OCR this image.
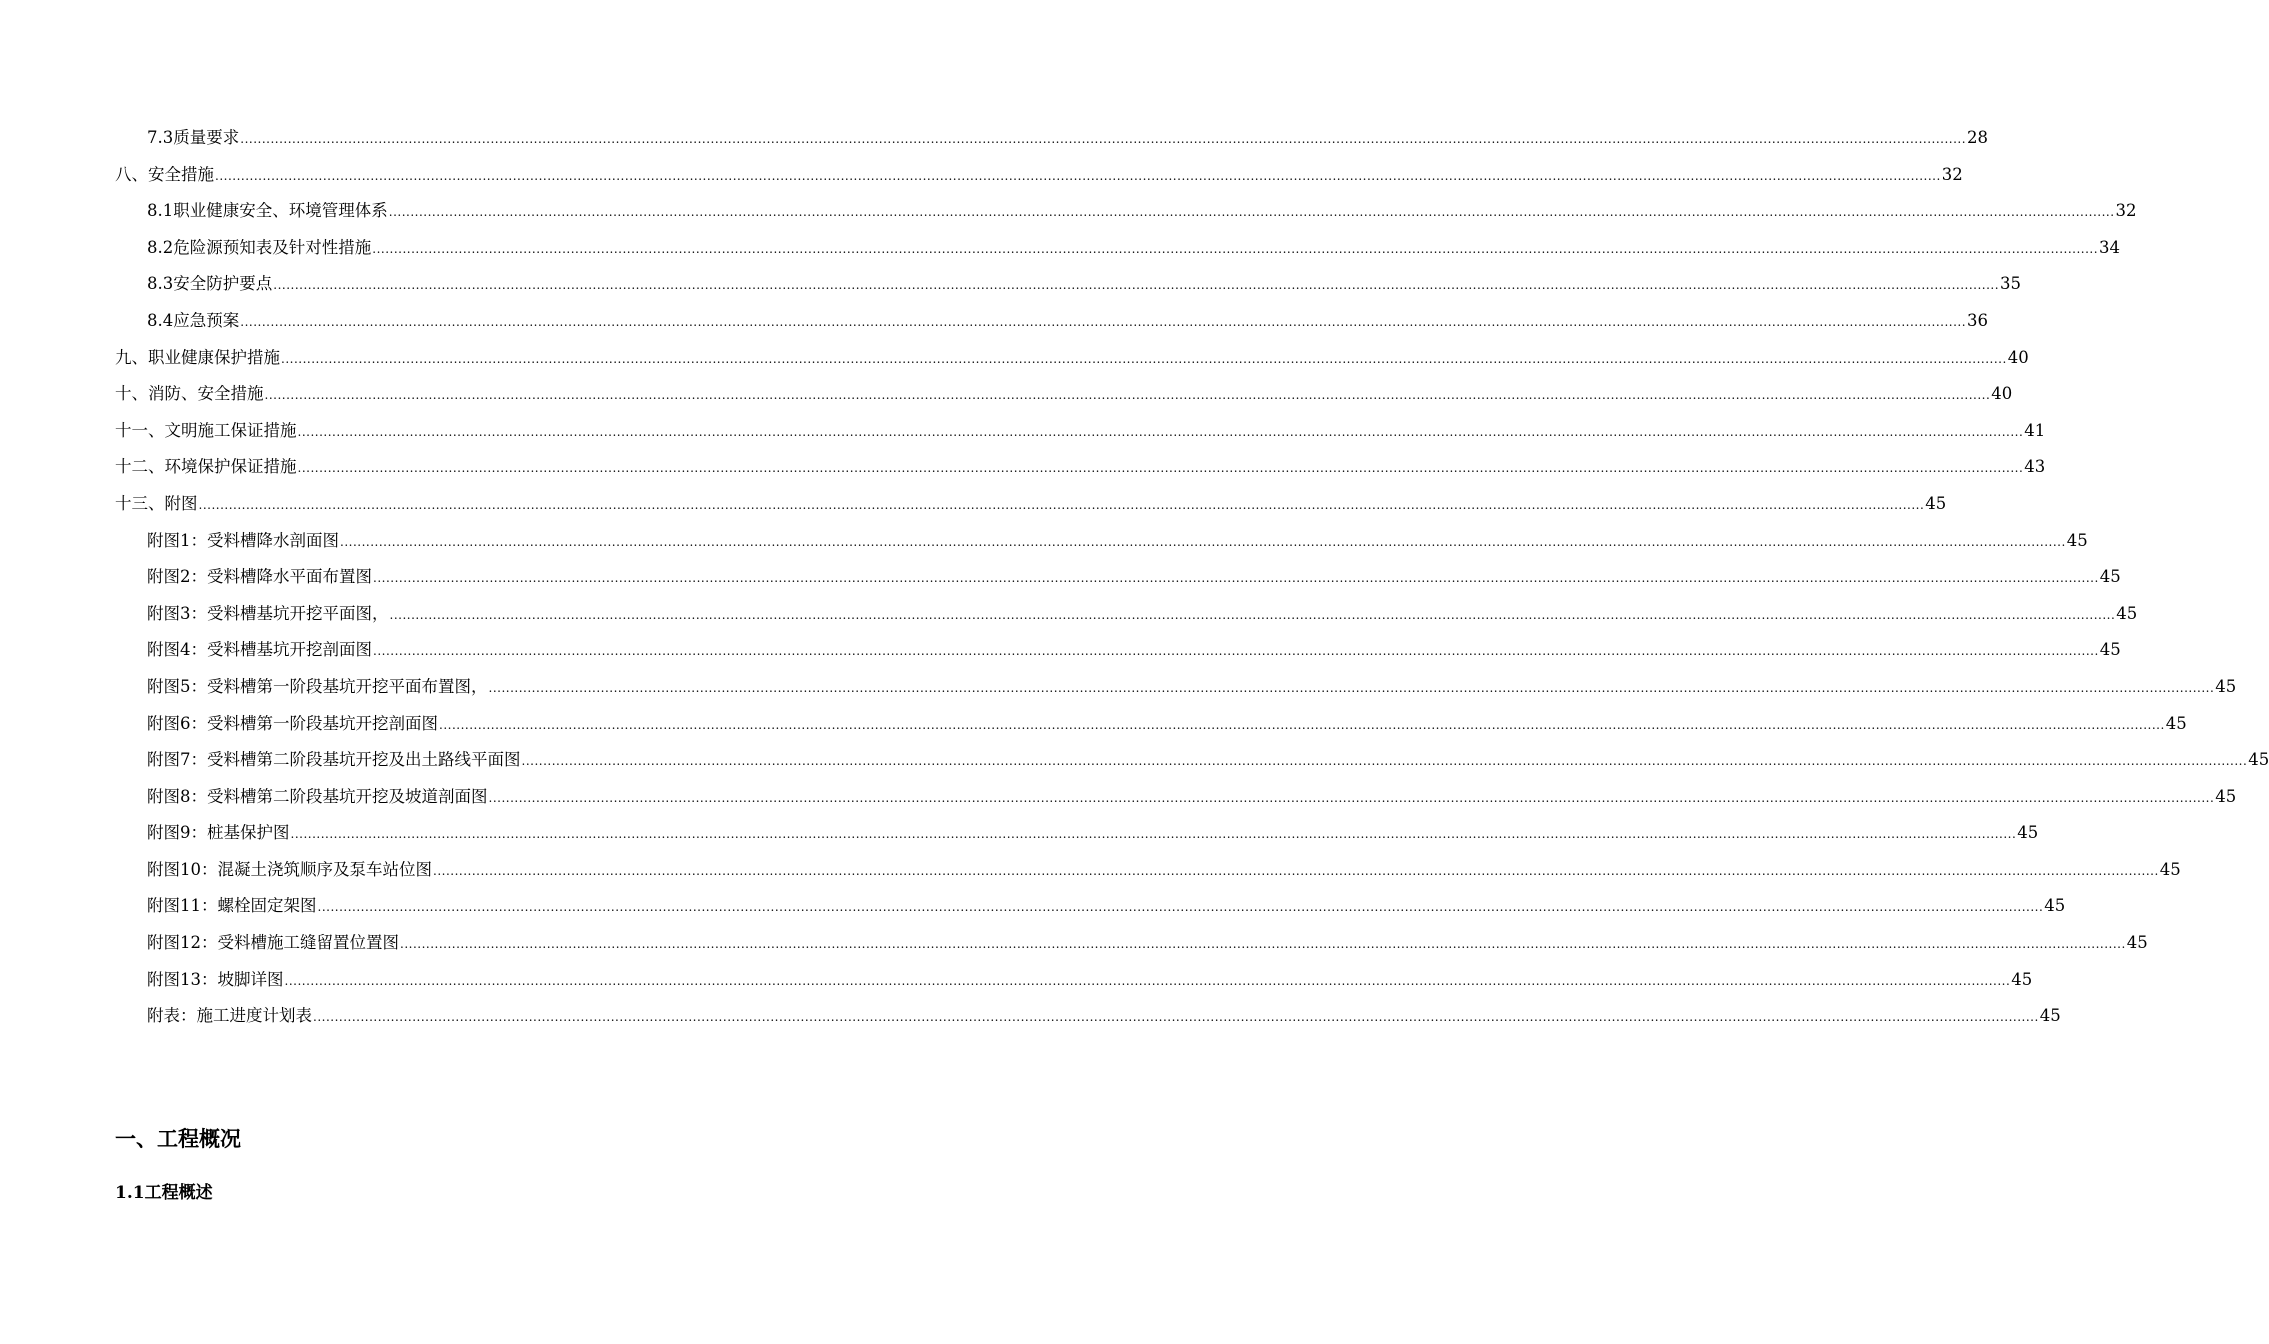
7.3质量要求 ................................................................................................................................................................................................................................................................................................................................................................................................................ 28
八、安全措施 ................................................................................................................................................................................................................................................................................................................................................................................................................ 32
8.1职业健康安全、环境管理体系 ................................................................................................................................................................................................................................................................................................................................................................................................................ 32
8.2危险源预知表及针对性措施 ................................................................................................................................................................................................................................................................................................................................................................................................................ 34
8.3安全防护要点 ................................................................................................................................................................................................................................................................................................................................................................................................................ 35
8.4应急预案 ................................................................................................................................................................................................................................................................................................................................................................................................................ 36
九、职业健康保护措施 ................................................................................................................................................................................................................................................................................................................................................................................................................ 40
十、消防、安全措施 ................................................................................................................................................................................................................................................................................................................................................................................................................ 40
十一、文明施工保证措施 ................................................................................................................................................................................................................................................................................................................................................................................................................ 41
十二、环境保护保证措施 ................................................................................................................................................................................................................................................................................................................................................................................................................ 43
十三、附图 ................................................................................................................................................................................................................................................................................................................................................................................................................ 45
附图1：受料槽降水剖面图 ................................................................................................................................................................................................................................................................................................................................................................................................................ 45
附图2：受料槽降水平面布置图 ................................................................................................................................................................................................................................................................................................................................................................................................................ 45
附图3：受料槽基坑开挖平面图， ................................................................................................................................................................................................................................................................................................................................................................................................................ 45
附图4：受料槽基坑开挖剖面图 ................................................................................................................................................................................................................................................................................................................................................................................................................ 45
附图5：受料槽第一阶段基坑开挖平面布置图， ................................................................................................................................................................................................................................................................................................................................................................................................................ 45
附图6：受料槽第一阶段基坑开挖剖面图 ................................................................................................................................................................................................................................................................................................................................................................................................................ 45
附图7：受料槽第二阶段基坑开挖及出土路线平面图 ................................................................................................................................................................................................................................................................................................................................................................................................................ 45
附图8：受料槽第二阶段基坑开挖及坡道剖面图 ................................................................................................................................................................................................................................................................................................................................................................................................................ 45
附图9：桩基保护图 ................................................................................................................................................................................................................................................................................................................................................................................................................ 45
附图10：混凝土浇筑顺序及泵车站位图 ................................................................................................................................................................................................................................................................................................................................................................................................................ 45
附图11：螺栓固定架图 ................................................................................................................................................................................................................................................................................................................................................................................................................ 45
附图12：受料槽施工缝留置位置图 ................................................................................................................................................................................................................................................................................................................................................................................................................ 45
附图13：坡脚详图 ................................................................................................................................................................................................................................................................................................................................................................................................................ 45
附表：施工进度计划表 ................................................................................................................................................................................................................................................................................................................................................................................................................ 45
一、工程概况
1.1工程概述
